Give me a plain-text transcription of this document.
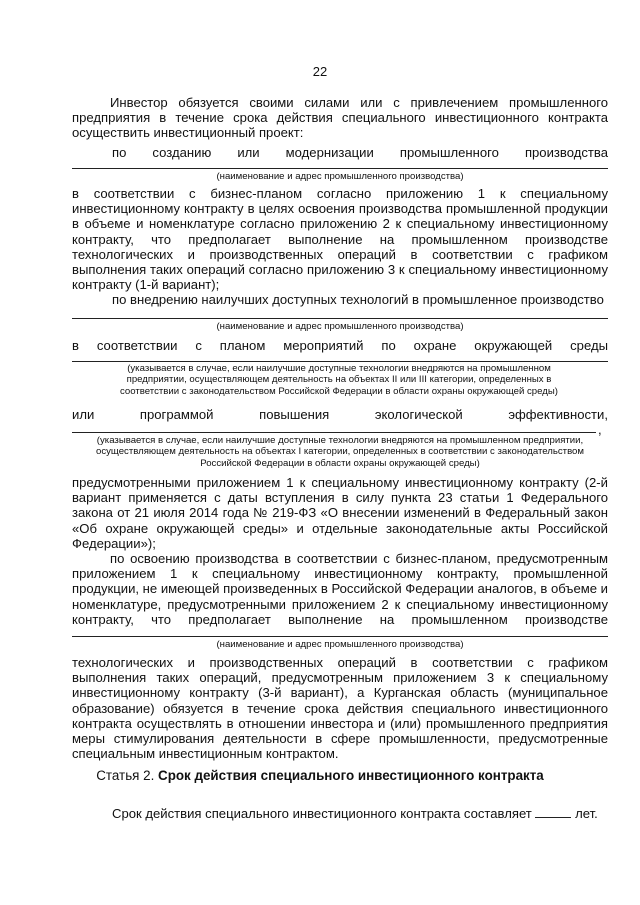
22

Инвестор обязуется своими силами или с привлечением промышленного предприятия в течение срока действия специального инвестиционного контракта осуществить инвестиционный проект:

по созданию или модернизации промышленного производства

(наименование и адрес промышленного производства)

в соответствии с бизнес-планом согласно приложению 1 к специальному инвестиционному контракту в целях освоения производства промышленной продукции в объеме и номенклатуре согласно приложению 2 к специальному инвестиционному контракту, что предполагает выполнение на промышленном производстве технологических и производственных операций в соответствии с графиком выполнения таких операций согласно приложению 3 к специальному инвестиционному контракту (1-й вариант);

по внедрению наилучших доступных технологий в промышленное производство

(наименование и адрес промышленного производства)

в соответствии с планом мероприятий по охране окружающей среды

(указывается в случае, если наилучшие доступные технологии внедряются на промышленном предприятии, осуществляющем деятельность на объектах II или III категории, определенных в соответствии с законодательством Российской Федерации в области охраны окружающей среды)

или программой повышения экологической эффективности,

,

(указывается в случае, если наилучшие доступные технологии внедряются на промышленном предприятии, осуществляющем деятельность на объектах I категории, определенных в соответствии с законодательством Российской Федерации в области охраны окружающей среды)

предусмотренными приложением 1 к специальному инвестиционному контракту (2-й вариант применяется с даты вступления в силу пункта 23 статьи 1 Федерального закона от 21 июля 2014 года № 219-ФЗ «О внесении изменений в Федеральный закон «Об охране окружающей среды» и отдельные законодательные акты Российской Федерации»);

по освоению производства в соответствии с бизнес-планом, предусмотренным приложением 1 к специальному инвестиционному контракту, промышленной продукции, не имеющей произведенных в Российской Федерации аналогов, в объеме и номенклатуре, предусмотренными приложением 2 к специальному инвестиционному контракту, что предполагает выполнение на промышленном производстве

(наименование и адрес промышленного производства)

технологических и производственных операций в соответствии с графиком выполнения таких операций, предусмотренным приложением 3 к специальному инвестиционному контракту (3-й вариант), а Курганская область (муниципальное образование) обязуется в течение срока действия специального инвестиционного контракта осуществлять в отношении инвестора и (или) промышленного предприятия меры стимулирования деятельности в сфере промышленности, предусмотренные специальным инвестиционным контрактом.

Статья 2. Срок действия специального инвестиционного контракта

Срок действия специального инвестиционного контракта составляет	лет.
